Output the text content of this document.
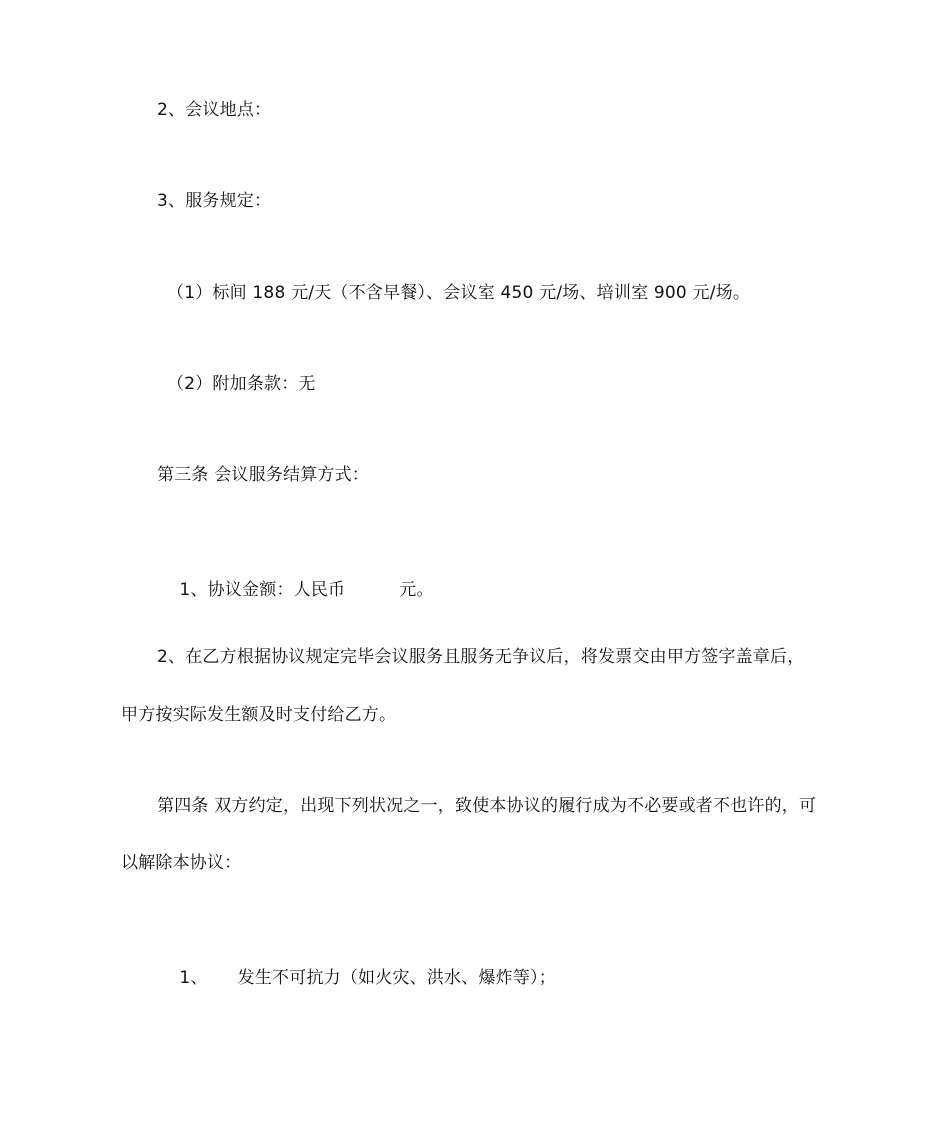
2、会议地点：
3、服务规定：
（1）标间 188 元/天（不含早餐）、会议室 450 元/场、培训室 900 元/场。
（2）附加条款：无
第三条 会议服务结算方式：

1、协议金额：人民币	元。

2、在乙方根据协议规定完毕会议服务且服务无争议后，将发票交由甲方签字盖章后，
甲方按实际发生额及时支付给乙方。
第四条 双方约定，出现下列状况之一，致使本协议的履行成为不必要或者不也许的，可
以解除本协议：

1、 发生不可抗力（如火灾、洪水、爆炸等）；
